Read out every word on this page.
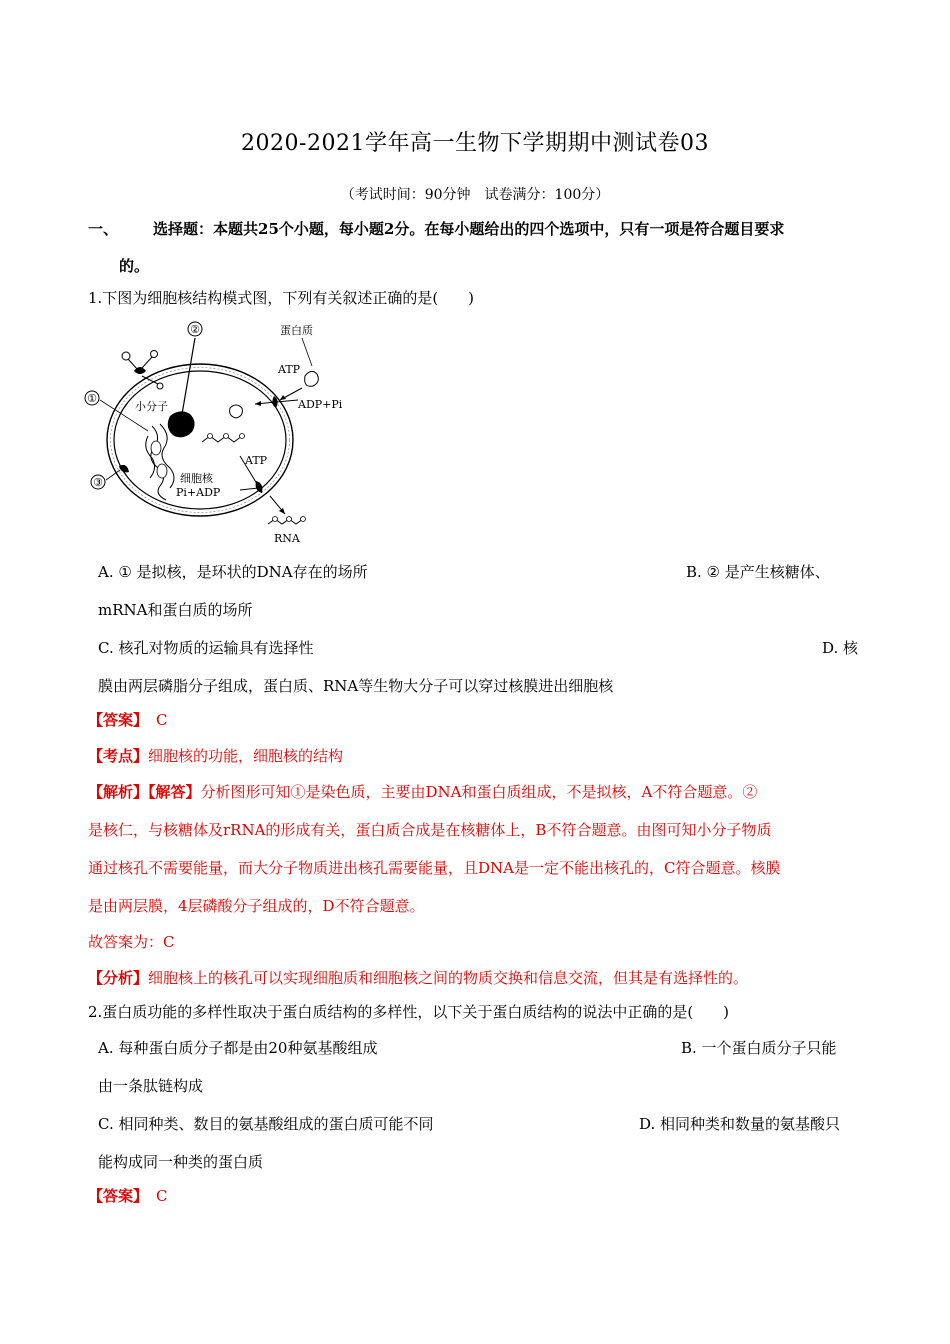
2020-2021学年高一生物下学期期中测试卷03
（考试时间：90分钟　试卷满分：100分）
一、 选择题：本题共25个小题，每小题2分。在每小题给出的四个选项中，只有一项是符合题目要求
的。
1.下图为细胞核结构模式图，下列有关叙述正确的是(　　)
②
①
③
小分子
蛋白质
ATP
ADP+Pi
细胞核
Pi+ADP
ATP
RNA
A. ① 是拟核，是环状的DNA存在的场所	B. ② 是产生核糖体、
mRNA和蛋白质的场所
C. 核孔对物质的运输具有选择性	D. 核
膜由两层磷脂分子组成，蛋白质、RNA等生物大分子可以穿过核膜进出细胞核
【答案】 C
【考点】细胞核的功能，细胞核的结构
【解析】【解答】分析图形可知①是染色质，主要由DNA和蛋白质组成，不是拟核，A不符合题意。②
是核仁，与核糖体及rRNA的形成有关，蛋白质合成是在核糖体上，B不符合题意。由图可知小分子物质
通过核孔不需要能量，而大分子物质进出核孔需要能量，且DNA是一定不能出核孔的，C符合题意。核膜
是由两层膜，4层磷酸分子组成的，D不符合题意。
故答案为：C
【分析】细胞核上的核孔可以实现细胞质和细胞核之间的物质交换和信息交流，但其是有选择性的。
2.蛋白质功能的多样性取决于蛋白质结构的多样性，以下关于蛋白质结构的说法中正确的是(　　)
A. 每种蛋白质分子都是由20种氨基酸组成	B. 一个蛋白质分子只能
由一条肽链构成
C. 相同种类、数目的氨基酸组成的蛋白质可能不同	D. 相同种类和数量的氨基酸只
能构成同一种类的蛋白质
【答案】 C
